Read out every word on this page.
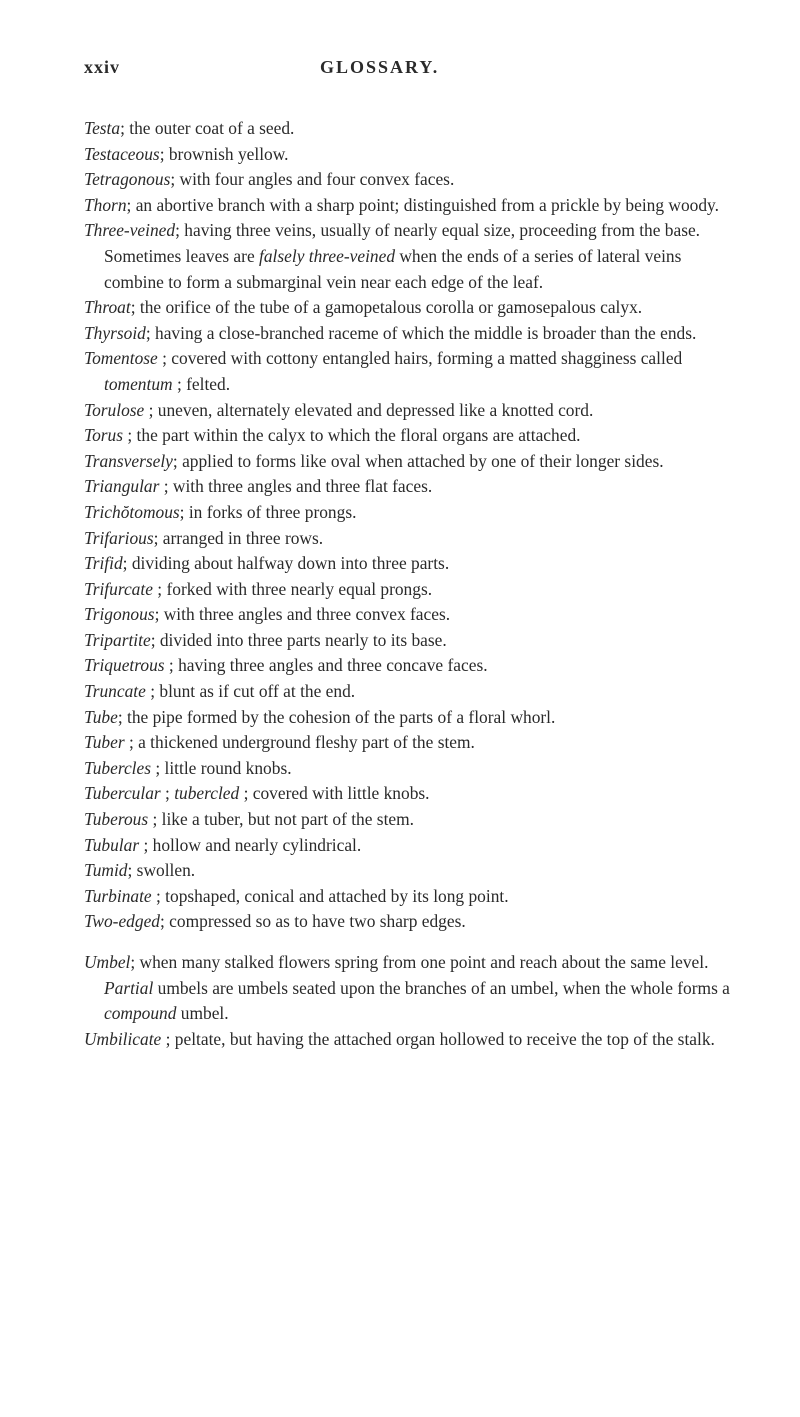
xxiv	GLOSSARY.

Testa; the outer coat of a seed.

Testaceous; brownish yellow.

Tetragonous; with four angles and four convex faces.

Thorn; an abortive branch with a sharp point; distinguished from a prickle by being woody.

Three-veined; having three veins, usually of nearly equal size, proceeding from the base. Sometimes leaves are falsely three-veined when the ends of a series of lateral veins combine to form a submarginal vein near each edge of the leaf.

Throat; the orifice of the tube of a gamopetalous corolla or gamosepalous calyx.

Thyrsoid; having a close-branched raceme of which the middle is broader than the ends.

Tomentose ; covered with cottony entangled hairs, forming a matted shagginess called tomentum ; felted.

Torulose ; uneven, alternately elevated and depressed like a knotted cord.

Torus ; the part within the calyx to which the floral organs are attached.

Transversely; applied to forms like oval when attached by one of their longer sides.

Triangular ; with three angles and three flat faces.

Trichŏtomous; in forks of three prongs.

Trifarious; arranged in three rows.

Trifid; dividing about halfway down into three parts.

Trifurcate ; forked with three nearly equal prongs.

Trigonous; with three angles and three convex faces.

Tripartite; divided into three parts nearly to its base.

Triquetrous ; having three angles and three concave faces.

Truncate ; blunt as if cut off at the end.

Tube; the pipe formed by the cohesion of the parts of a floral whorl.

Tuber ; a thickened underground fleshy part of the stem.

Tubercles ; little round knobs.

Tubercular ; tubercled ; covered with little knobs.

Tuberous ; like a tuber, but not part of the stem.

Tubular ; hollow and nearly cylindrical.

Tumid; swollen.

Turbinate ; topshaped, conical and attached by its long point.

Two-edged; compressed so as to have two sharp edges.

Umbel; when many stalked flowers spring from one point and reach about the same level. Partial umbels are umbels seated upon the branches of an umbel, when the whole forms a compound umbel.

Umbilicate ; peltate, but having the attached organ hollowed to receive the top of the stalk.
